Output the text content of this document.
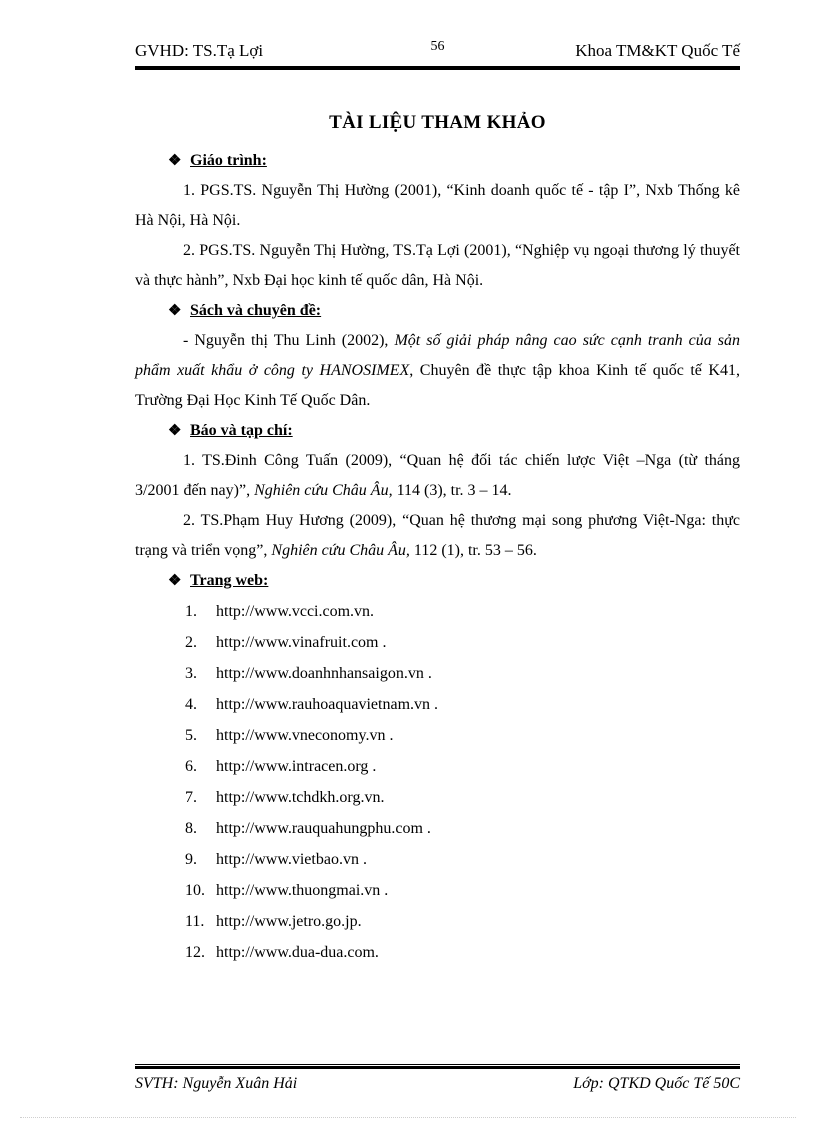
GVHD: TS.Tạ Lợi	56	Khoa TM&KT Quốc Tế
TÀI LIỆU THAM KHẢO
❖ Giáo trình:

1. PGS.TS. Nguyễn Thị Hường (2001), “Kinh doanh quốc tế - tập I”, Nxb Thống kê Hà Nội, Hà Nội.

2. PGS.TS. Nguyễn Thị Hường, TS.Tạ Lợi (2001), “Nghiệp vụ ngoại thương lý thuyết và thực hành”, Nxb Đại học kinh tế quốc dân, Hà Nội.

❖ Sách và chuyên đề:

- Nguyễn thị Thu Linh (2002), Một số giải pháp nâng cao sức cạnh tranh của sản phẩm xuất khẩu ở công ty HANOSIMEX, Chuyên đề thực tập khoa Kinh tế quốc tế K41, Trường Đại Học Kinh Tế Quốc Dân.

❖ Báo và tạp chí:

1. TS.Đinh Công Tuấn (2009), “Quan hệ đối tác chiến lược Việt –Nga (từ tháng 3/2001 đến nay)”, Nghiên cứu Châu Âu, 114 (3), tr. 3 – 14.

2. TS.Phạm Huy Hương (2009), “Quan hệ thương mại song phương Việt-Nga: thực trạng và triển vọng”, Nghiên cứu Châu Âu, 112 (1), tr. 53 – 56.

❖ Trang web:
1. http://www.vcci.com.vn.
2. http://www.vinafruit.com .
3. http://www.doanhnhansaigon.vn .
4. http://www.rauhoaquavietnam.vn .
5. http://www.vneconomy.vn .
6. http://www.intracen.org .
7. http://www.tchdkh.org.vn.
8. http://www.rauquahungphu.com .
9. http://www.vietbao.vn .
10. http://www.thuongmai.vn .
11. http://www.jetro.go.jp.
12. http://www.dua-dua.com.
SVTH: Nguyễn Xuân Hải	Lớp: QTKD Quốc Tế 50C
